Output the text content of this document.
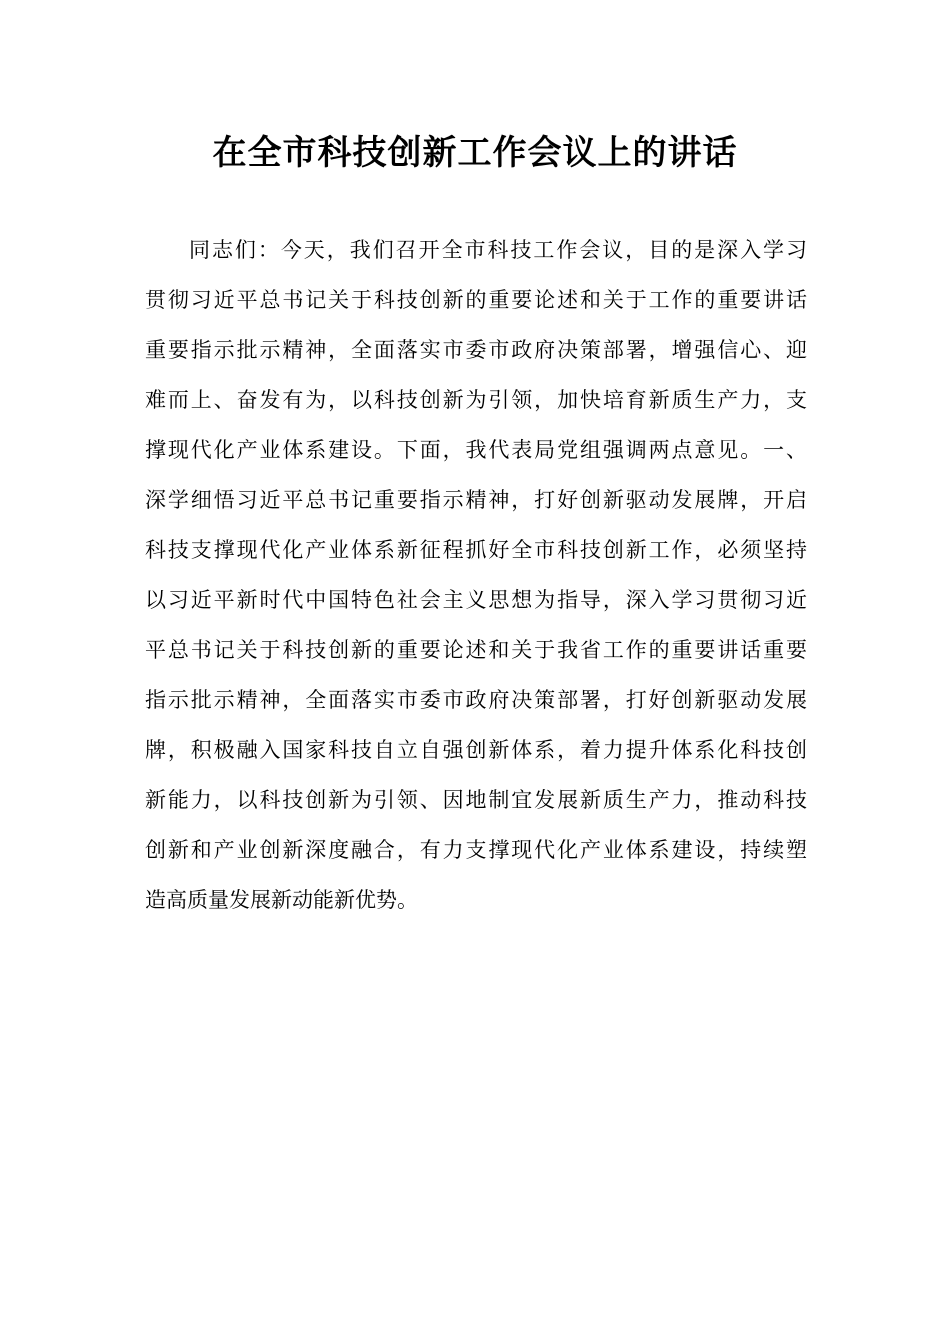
在全市科技创新工作会议上的讲话
同志们：今天，我们召开全市科技工作会议，目的是深入学习
贯彻习近平总书记关于科技创新的重要论述和关于工作的重要讲话
重要指示批示精神，全面落实市委市政府决策部署，增强信心、迎
难而上、奋发有为，以科技创新为引领，加快培育新质生产力，支
撑现代化产业体系建设。下面，我代表局党组强调两点意见。一、
深学细悟习近平总书记重要指示精神，打好创新驱动发展牌，开启
科技支撑现代化产业体系新征程抓好全市科技创新工作，必须坚持
以习近平新时代中国特色社会主义思想为指导，深入学习贯彻习近
平总书记关于科技创新的重要论述和关于我省工作的重要讲话重要
指示批示精神，全面落实市委市政府决策部署，打好创新驱动发展
牌，积极融入国家科技自立自强创新体系，着力提升体系化科技创
新能力，以科技创新为引领、因地制宜发展新质生产力，推动科技
创新和产业创新深度融合，有力支撑现代化产业体系建设，持续塑
造高质量发展新动能新优势。
